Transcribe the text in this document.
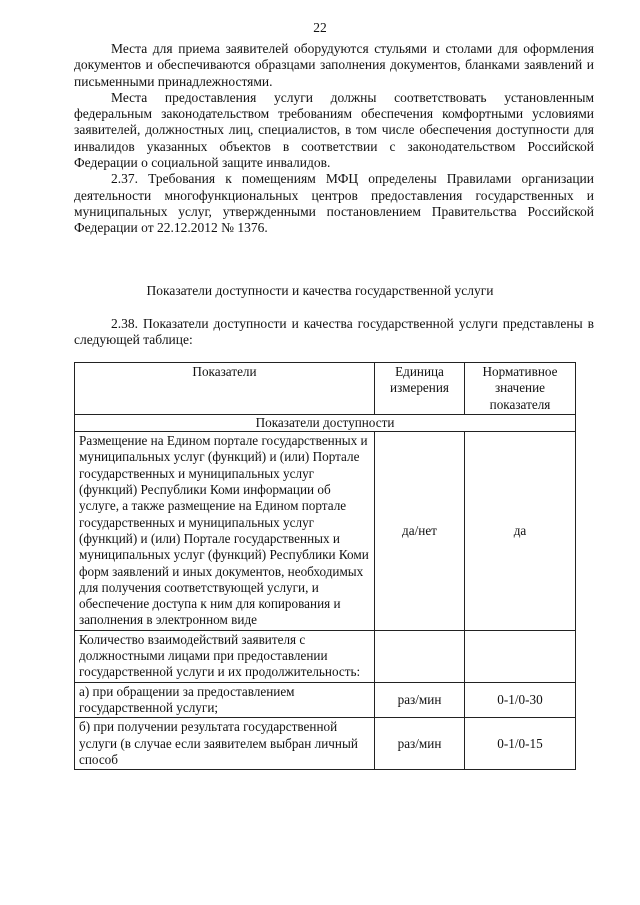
22

Места для приема заявителей оборудуются стульями и столами для оформления документов и обеспечиваются образцами заполнения документов, бланками заявлений и письменными принадлежностями.

Места предоставления услуги должны соответствовать установленным федеральным законодательством требованиям обеспечения комфортными условиями заявителей, должностных лиц, специалистов, в том числе обеспечения доступности для инвалидов указанных объектов в соответствии с законодательством Российской Федерации о социальной защите инвалидов.

2.37. Требования к помещениям МФЦ определены Правилами организации деятельности многофункциональных центров предоставления государственных и муниципальных услуг, утвержденными постановлением Правительства Российской Федерации от 22.12.2012 № 1376.

Показатели доступности и качества государственной услуги

2.38. Показатели доступности и качества государственной услуги представлены в следующей таблице:

Показатели	Единица измерения	Нормативное значение показателя
Показатели доступности		
Размещение на Едином портале государственных и муниципальных услуг (функций) и (или) Портале государственных и муниципальных услуг (функций) Республики Коми информации об услуге, а также размещение на Едином портале государственных и муниципальных услуг (функций) и (или) Портале государственных и муниципальных услуг (функций) Республики Коми форм заявлений и иных документов, необходимых для получения соответствующей услуги, и обеспечение доступа к ним для копирования и заполнения в электронном виде	да/нет	да
Количество взаимодействий заявителя с должностными лицами при предоставлении государственной услуги и их продолжительность:		
а) при обращении за предоставлением государственной услуги;	раз/мин	0-1/0-30
б) при получении результата государственной услуги (в случае если заявителем выбран личный способ	раз/мин	0-1/0-15
